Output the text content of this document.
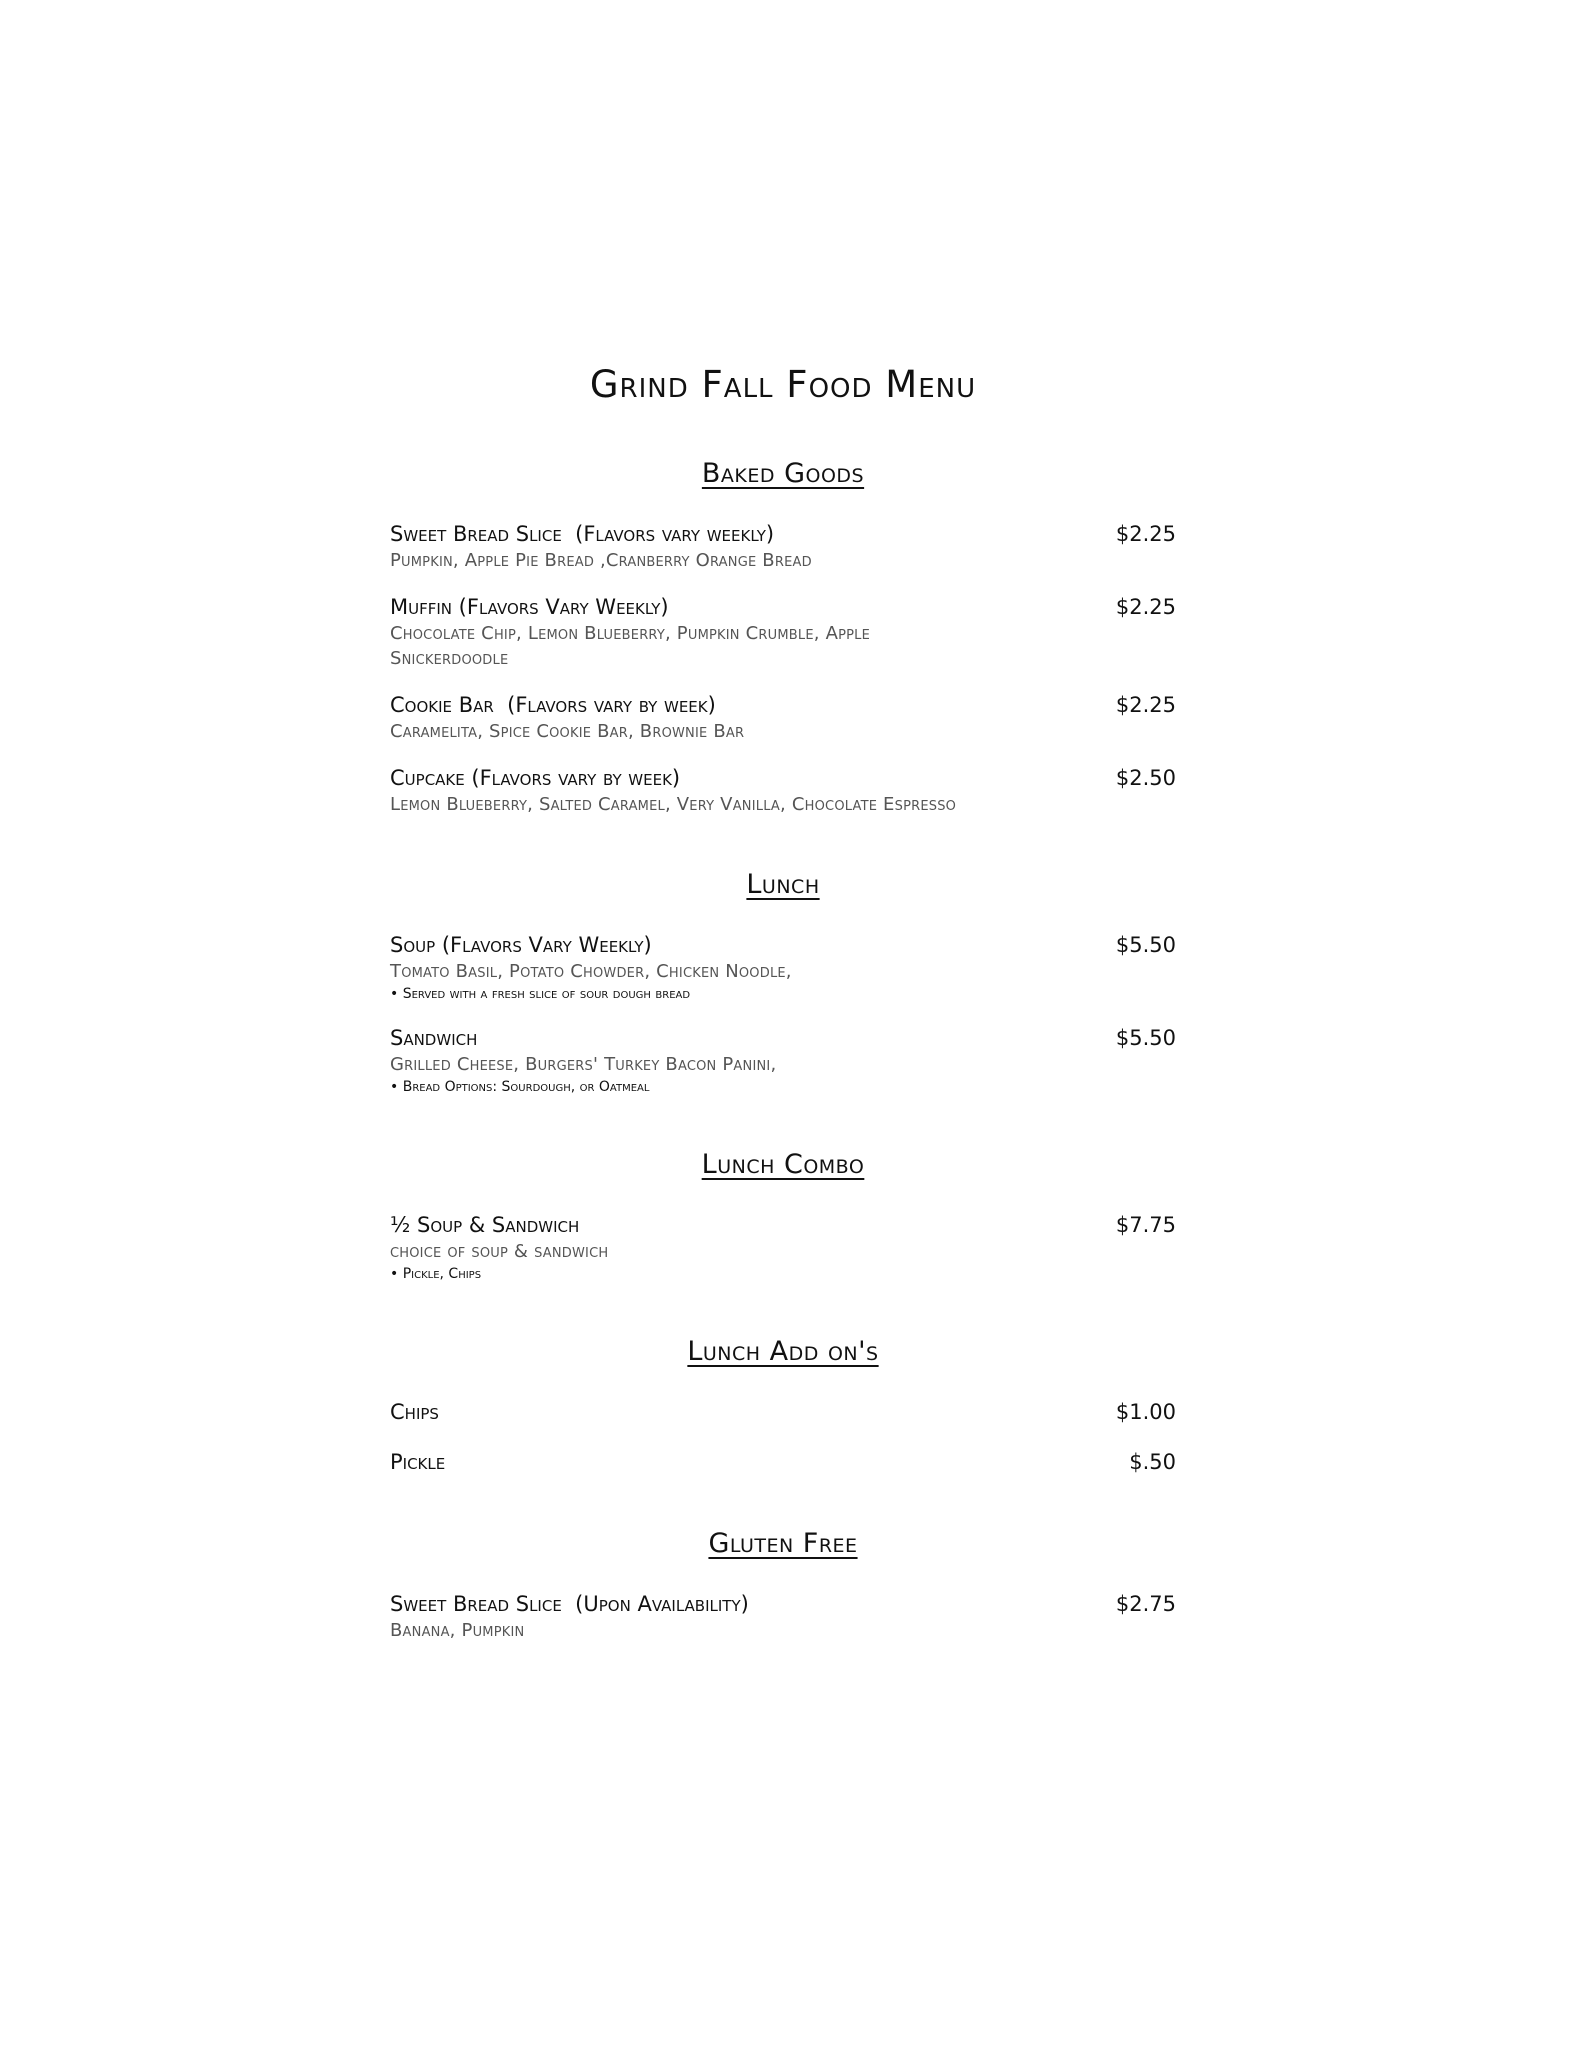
Grind Fall Food Menu
Baked Goods
Sweet Bread Slice  (Flavors vary weekly)
Pumpkin, Apple Pie Bread ,Cranberry Orange Bread
$2.25
Muffin (Flavors Vary Weekly)
Chocolate Chip, Lemon Blueberry, Pumpkin Crumble, Apple Snickerdoodle
$2.25
Cookie Bar  (Flavors vary by week)
Caramelita, Spice Cookie Bar, Brownie Bar
$2.25
Cupcake (Flavors vary by week)
Lemon Blueberry, Salted Caramel, Very Vanilla, Chocolate Espresso
$2.50
Lunch
Soup (Flavors Vary Weekly)
Tomato Basil, Potato Chowder, Chicken Noodle,
• Served with a fresh slice of sour dough bread
$5.50
Sandwich
Grilled Cheese, Burgers' Turkey Bacon Panini,
• Bread Options: Sourdough, or Oatmeal
$5.50
Lunch Combo
½ Soup & Sandwich
choice of soup & sandwich
• Pickle, Chips
$7.75
Lunch Add on's
Chips	$1.00
Pickle	$.50
Gluten Free
Sweet Bread Slice  (Upon Availability)
Banana, Pumpkin
$2.75
